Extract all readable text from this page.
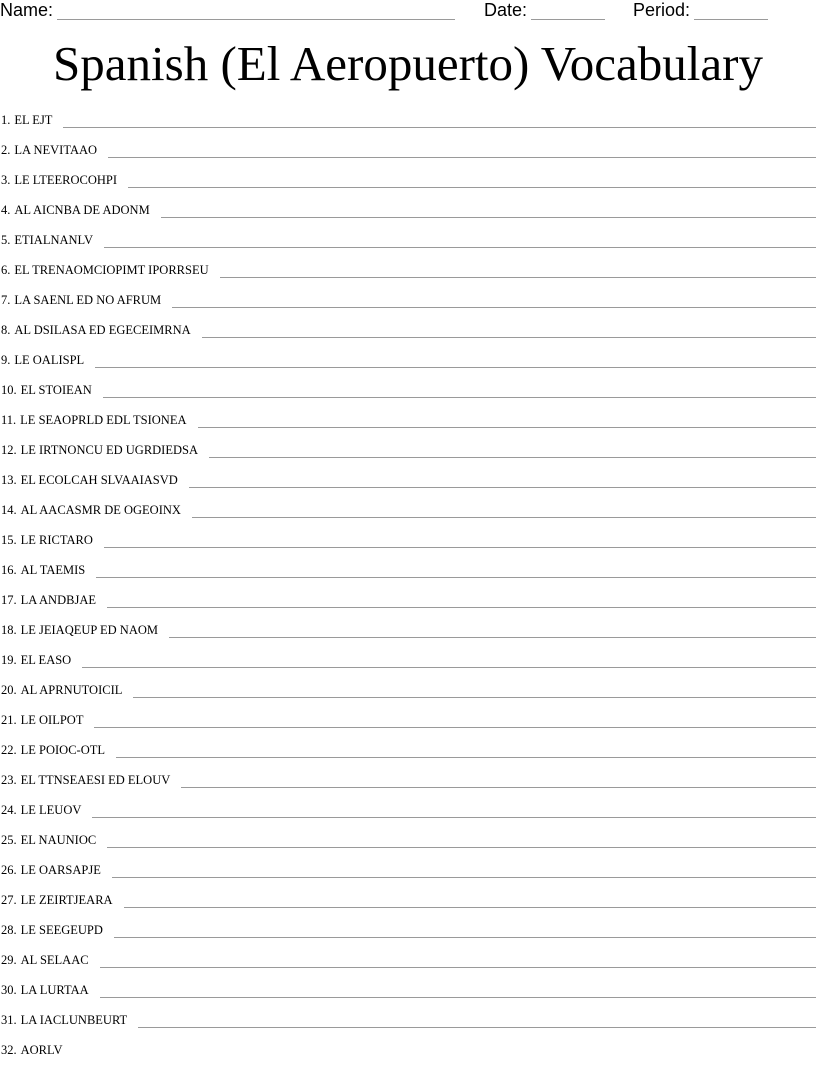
Name:	Date:	Period:
Spanish (El Aeropuerto) Vocabulary
1. EL EJT
2. LA NEVITAAO
3. LE LTEEROCOHPI
4. AL AICNBA DE ADONM
5. ETIALNANLV
6. EL TRENAOMCIOPIMT IPORRSEU
7. LA SAENL ED NO AFRUM
8. AL DSILASA ED EGECEIMRNA
9. LE OALISPL
10. EL STOIEAN
11. LE SEAOPRLD EDL TSIONEA
12. LE IRTNONCU ED UGRDIEDSA
13. EL ECOLCAH SLVAAIASVD
14. AL AACASMR DE OGEOINX
15. LE RICTARO
16. AL TAEMIS
17. LA ANDBJAE
18. LE JEIAQEUP ED NAOM
19. EL EASO
20. AL APRNUTOICIL
21. LE OILPOT
22. LE POIOC-OTL
23. EL TTNSEAESI ED ELOUV
24. LE LEUOV
25. EL NAUNIOC
26. LE OARSAPJE
27. LE ZEIRTJEARA
28. LE SEEGEUPD
29. AL SELAAC
30. LA LURTAA
31. LA IACLUNBEURT
32. AORLV
